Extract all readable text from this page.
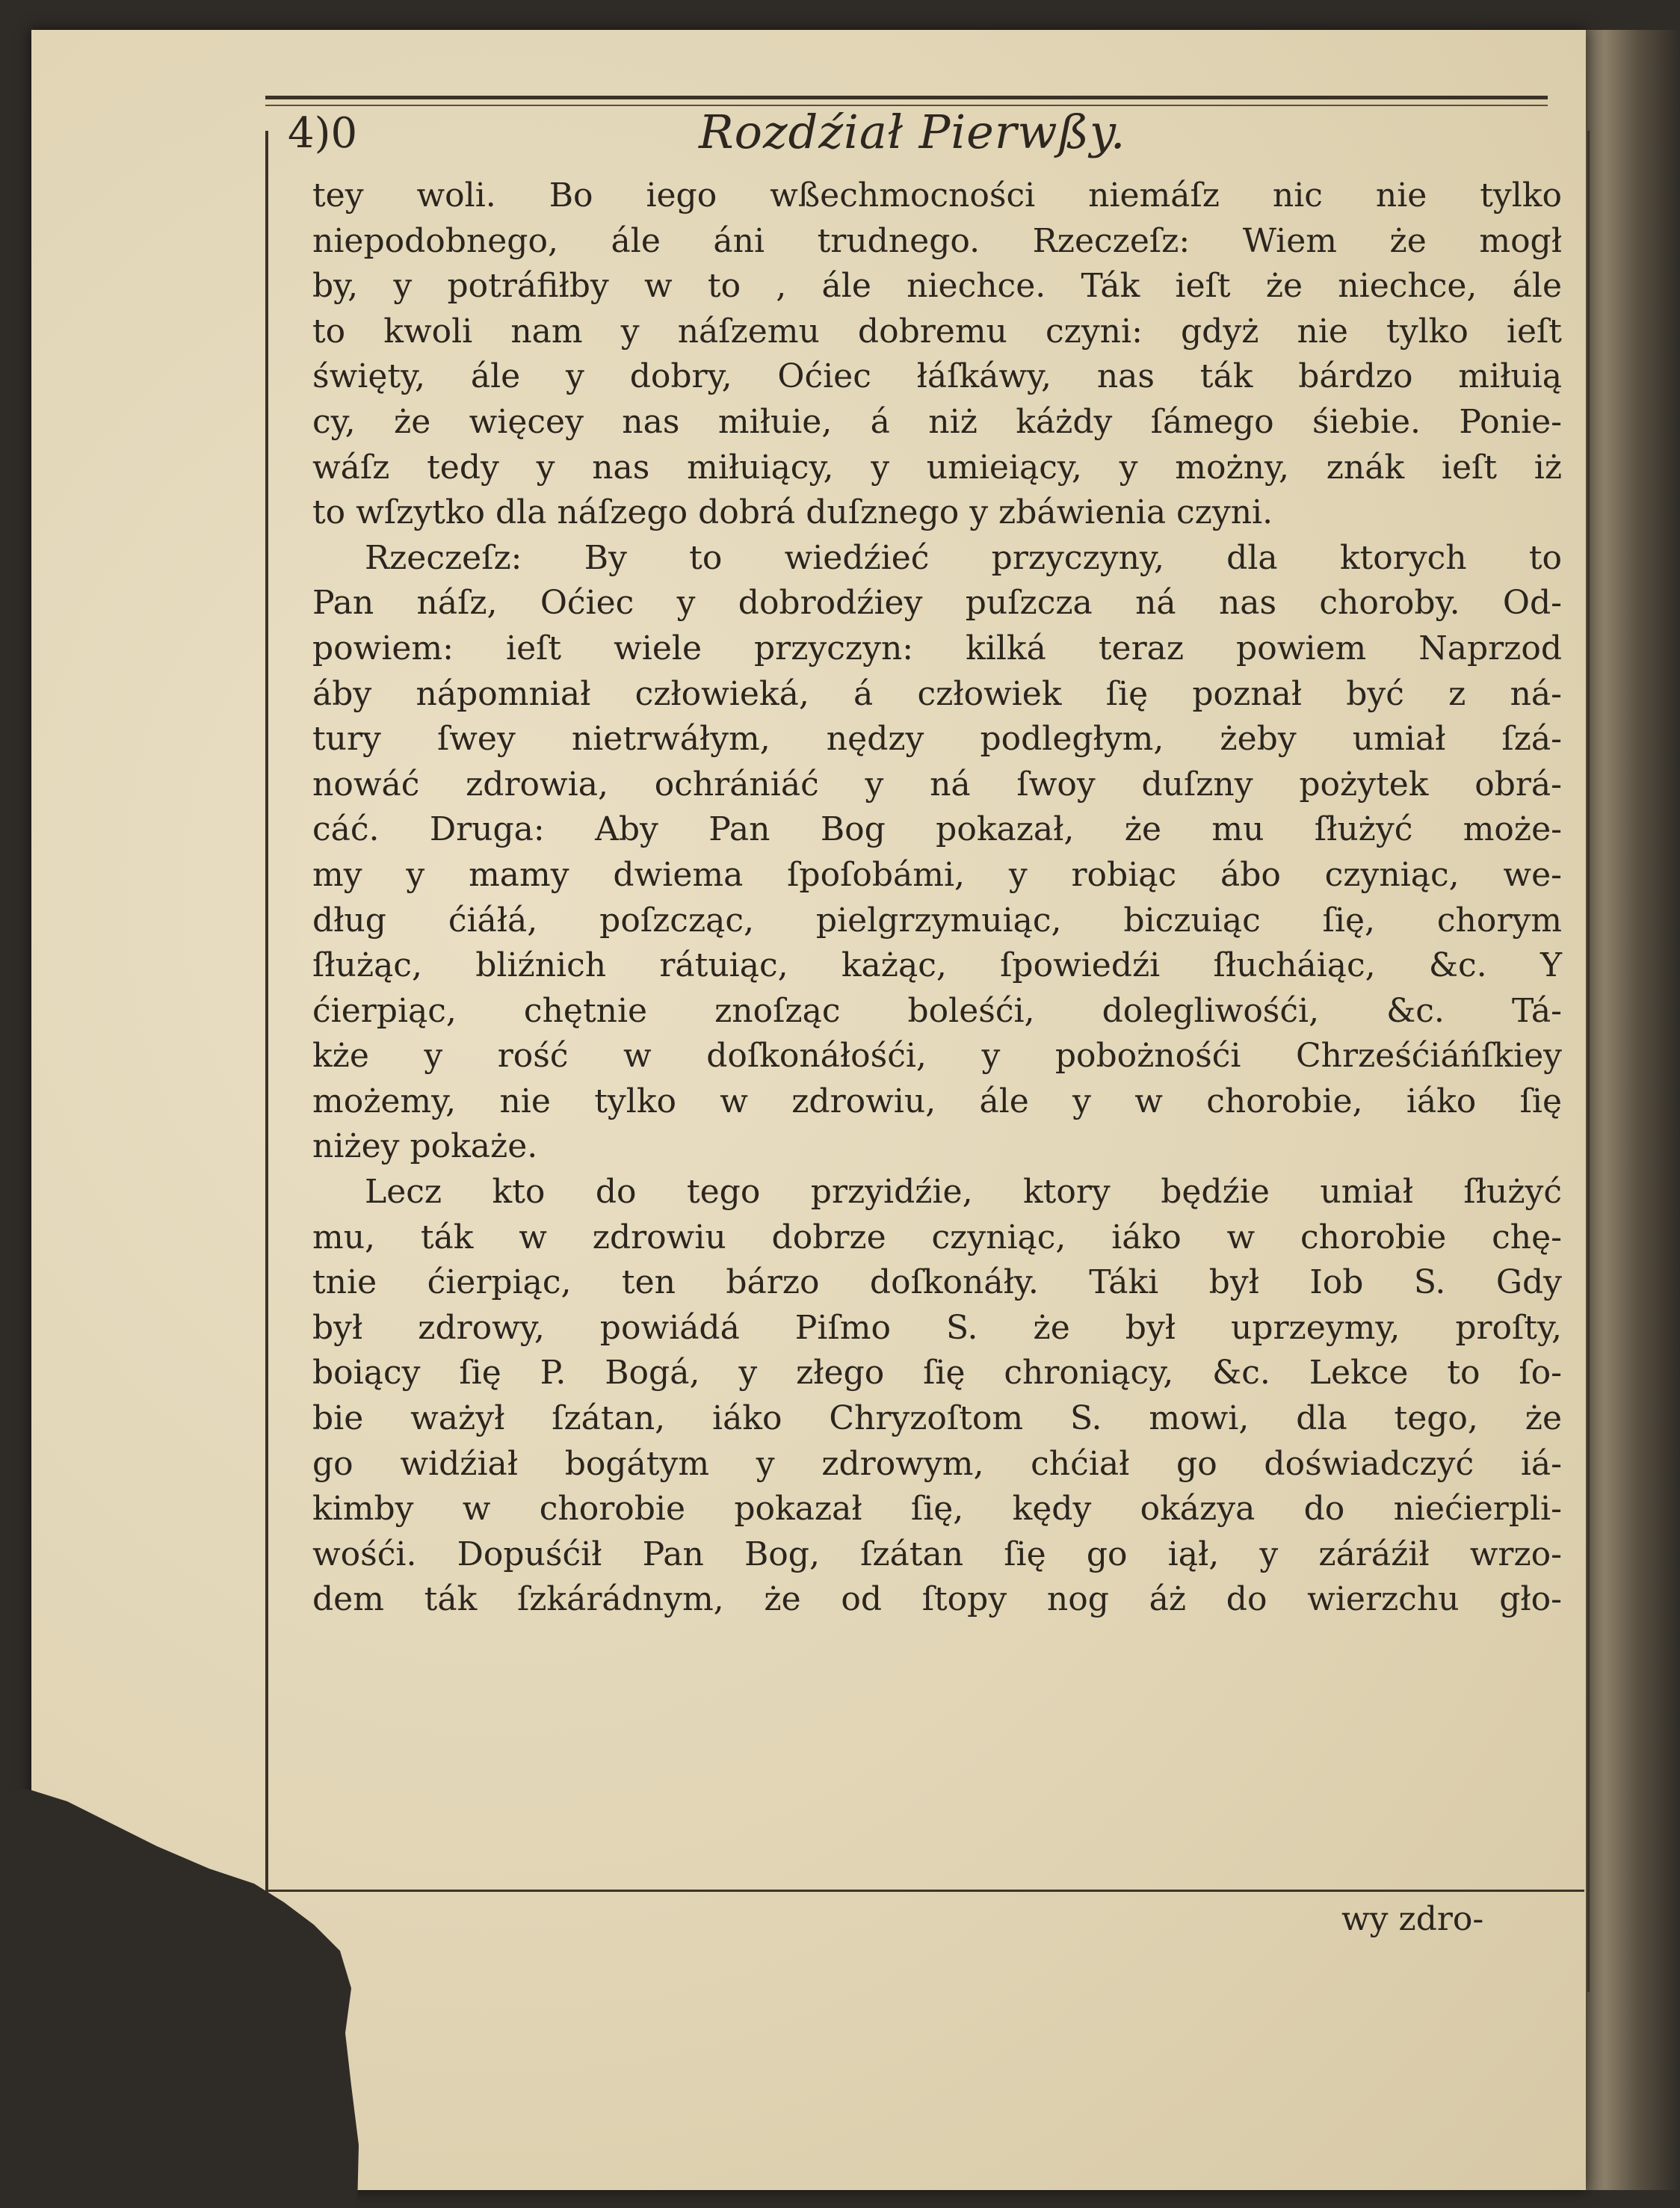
4)0	Rozdźiał Pierwßy.
tey woli. Bo iego wßechmocności niemáſz nic nie tylko
niepodobnego, ále áni trudnego. Rzeczeſz: Wiem że mogł
by, y potráfiłby w to , ále niechce. Ták ieſt że niechce, ále
to kwoli nam y náſzemu dobremu czyni: gdyż nie tylko ieſt
święty, ále y dobry, Oćiec łáſkáwy, nas ták bárdzo miłuią
cy, że więcey nas miłuie, á niż káżdy ſámego śiebie. Ponie-
wáſz tedy y nas miłuiący, y umieiący, y możny, znák ieſt iż
to wſzytko dla náſzego dobrá duſznego y zbáwienia czyni.
Rzeczeſz: By to wiedźieć przyczyny, dla ktorych to
Pan náſz, Oćiec y dobrodźiey puſzcza ná nas choroby. Od-
powiem: ieſt wiele przyczyn: kilká teraz powiem Naprzod
áby nápomniał człowieká, á człowiek ſię poznał być z ná-
tury ſwey nietrwáłym, nędzy podległym, żeby umiał ſzá-
nowáć zdrowia, ochrániáć y ná ſwoy duſzny pożytek obrá-
cáć. Druga: Aby Pan Bog pokazał, że mu ſłużyć może-
my y mamy dwiema ſpoſobámi, y robiąc ábo czyniąc, we-
dług ćiáłá, poſzcząc, pielgrzymuiąc, biczuiąc ſię, chorym
ſłużąc, bliźnich rátuiąc, każąc, ſpowiedźi ſłucháiąc, &c. Y
ćierpiąc, chętnie znoſząc boleśći, dolegliwośći, &c. Tá-
kże y rość w doſkonáłośći, y pobożnośći Chrześćiáńſkiey
możemy, nie tylko w zdrowiu, ále y w chorobie, iáko ſię
niżey pokaże.
Lecz kto do tego przyidźie, ktory będźie umiał ſłużyć
mu, ták w zdrowiu dobrze czyniąc, iáko w chorobie chę-
tnie ćierpiąc, ten bárzo doſkonáły. Táki był Iob S. Gdy
był zdrowy, powiádá Piſmo S. że był uprzeymy, proſty,
boiący ſię P. Bogá, y złego ſię chroniący, &c. Lekce to ſo-
bie ważył ſzátan, iáko Chryzoſtom S. mowi, dla tego, że
go widźiał bogátym y zdrowym, chćiał go doświadczyć iá-
kimby w chorobie pokazał ſię, kędy okázya do niećierpli-
wośći. Dopuśćił Pan Bog, ſzátan ſię go iął, y záráźił wrzo-
dem ták ſzkárádnym, że od ſtopy nog áż do wierzchu gło-
wy zdro-
